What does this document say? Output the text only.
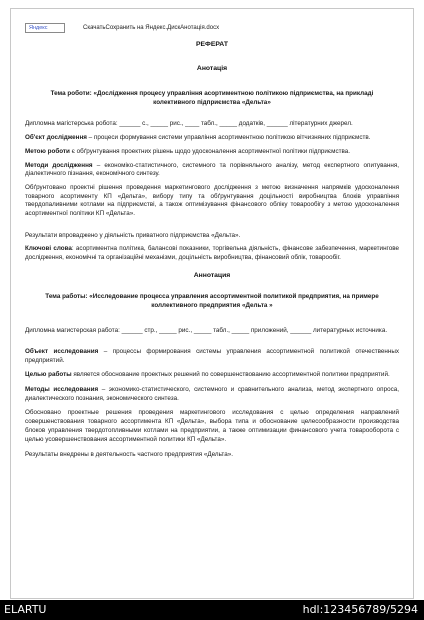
Яндекс	СкачатьСохранить на Яндекс.ДискАнотація.docx
РЕФЕРАТ
Анотація
Тема роботи: «Дослідження процесу управління асортиментною політикою підприємства, на прикладі колективного підприємства «Дельта»
Дипломна магістерська робота: ______ с., _____ рис., ____ табл., _____ додатків, ______ літературних джерел.
Об'єкт дослідження – процеси формування системи управління асортиментною політикою вітчизняних підприємств.
Метою роботи є обґрунтування проектних рішень щодо удосконалення асортиментної політики підприємства.
Методи дослідження – економіко-статистичного, системного та порівняльного аналізу, метод експертного опитування, діалектичного пізнання, економічного синтезу.
Обґрунтовано проектні рішення проведення маркетингового дослідження з метою визначення напрямків удосконалення товарного асортименту КП «Дельта», вибору типу та обґрунтування доцільності виробництва блоків управління твердопаливними котлами на підприємстві, а також оптимізування фінансового обліку товарообігу з метою удосконалення асортиментної політики КП «Дельта».
Результати впроваджено у діяльність приватного підприємства «Дельта».
Ключові слова: асортиментна політика, балансові показники, торгівельна діяльність, фінансове забезпечення, маркетингове дослідження, економічні та організаційні механізми, доцільність виробництва, фінансовий облік, товарообіг.
Аннотация
Тема работы: «Исследование процесса управления ассортиментной политикой предприятия, на примере коллективного предприятия «Дельта »
Дипломна магистерская работа: ______ стр., _____ рис., _____ табл., _____ приложений, ______ литературных источника.
Объект исследования – процессы формирования системы управления ассортиментной политикой отечественных предприятий.
Целью работы является обоснование проектных решений по совершенствованию ассортиментной политики предприятий.
Методы исследования – экономико-статистического, системного и сравнительного анализа, метод экспертного опроса, диалектического познания, экономического синтеза.
Обосновано проектные решения проведения маркетингового исследования с целью определения направлений совершенствования товарного ассортимента КП «Дельта», выбора типа и обоснование целесообразности производства блоков управления твердотопливными котлами на предприятии, а также оптимизации финансового учета товарооборота с целью усовершенствования ассортиментной политики КП «Дельта».
Результаты внедрены в деятельность частного предприятия «Дельта».
ELARTU	hdl:123456789/5294
